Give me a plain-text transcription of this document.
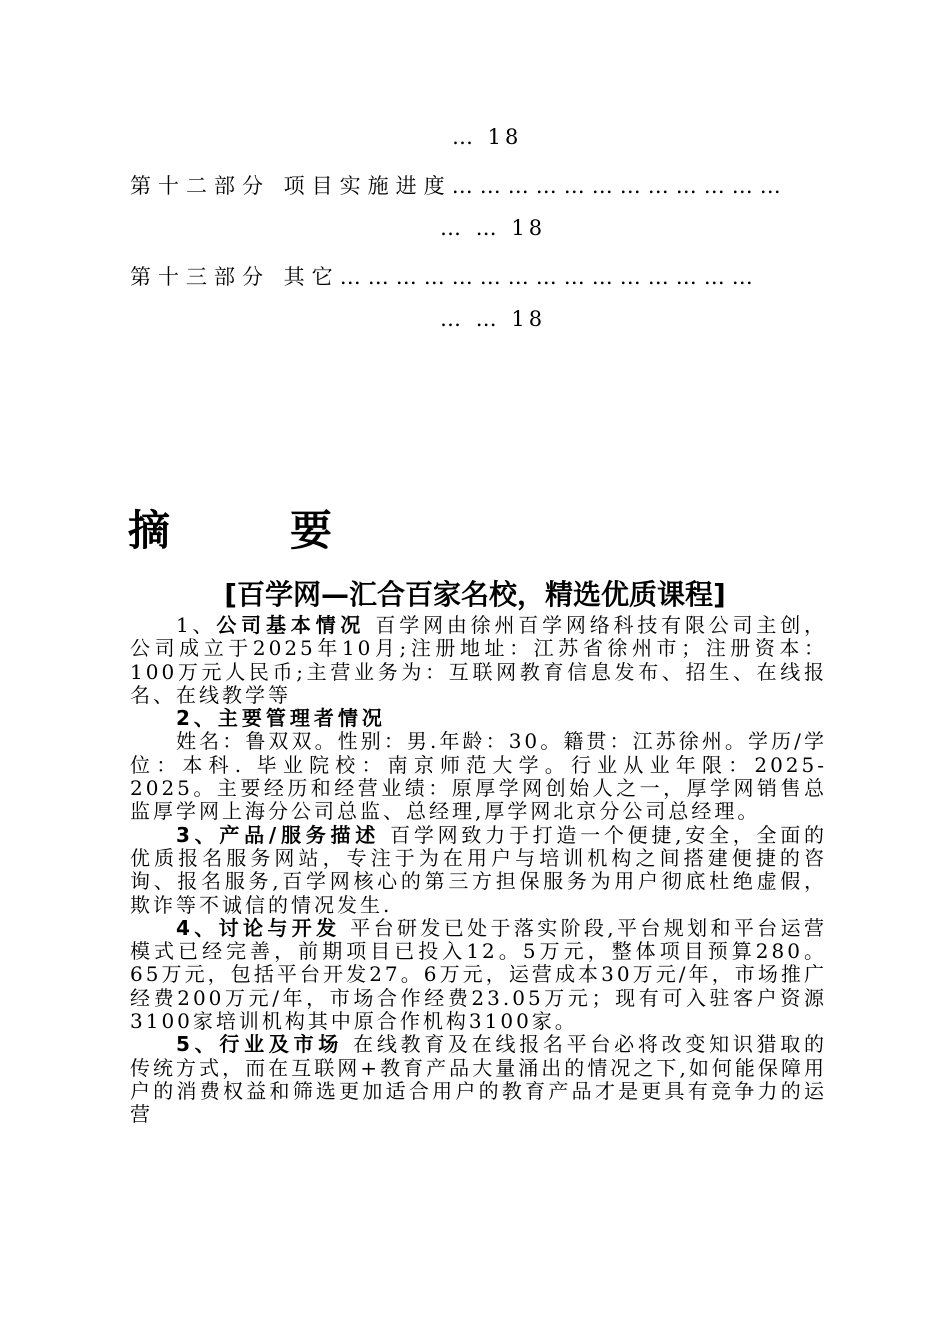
… 18
第十二部分 项目实施进度………………………………
… … 18
第十三部分 其它………………………………………
… … 18
摘	要
[百学网—汇合百家名校，精选优质课程]

1、公司基本情况 百学网由徐州百学网络科技有限公司主创，公司成立于2025年10月;注册地址：江苏省徐州市；注册资本：100万元人民币;主营业务为：互联网教育信息发布、招生、在线报名、在线教学等

2、主要管理者情况

姓名：鲁双双。性别：男.年龄：30。籍贯：江苏徐州。学历/学位：本科. 毕业院校：南京师范大学。行业从业年限：2025-2025。主要经历和经营业绩：原厚学网创始人之一，厚学网销售总监厚学网上海分公司总监、总经理,厚学网北京分公司总经理。

3、产品/服务描述 百学网致力于打造一个便捷,安全，全面的优质报名服务网站，专注于为在用户与培训机构之间搭建便捷的咨询、报名服务,百学网核心的第三方担保服务为用户彻底杜绝虚假，欺诈等不诚信的情况发生.

4、讨论与开发 平台研发已处于落实阶段,平台规划和平台运营模式已经完善，前期项目已投入12。5万元，整体项目预算280。65万元，包括平台开发27。6万元，运营成本30万元/年，市场推广经费200万元/年，市场合作经费23.05万元；现有可入驻客户资源3100家培训机构其中原合作机构3100家。

5、行业及市场 在线教育及在线报名平台必将改变知识猎取的传统方式，而在互联网+教育产品大量涌出的情况之下,如何能保障用户的消费权益和筛选更加适合用户的教育产品才是更具有竞争力的运营
